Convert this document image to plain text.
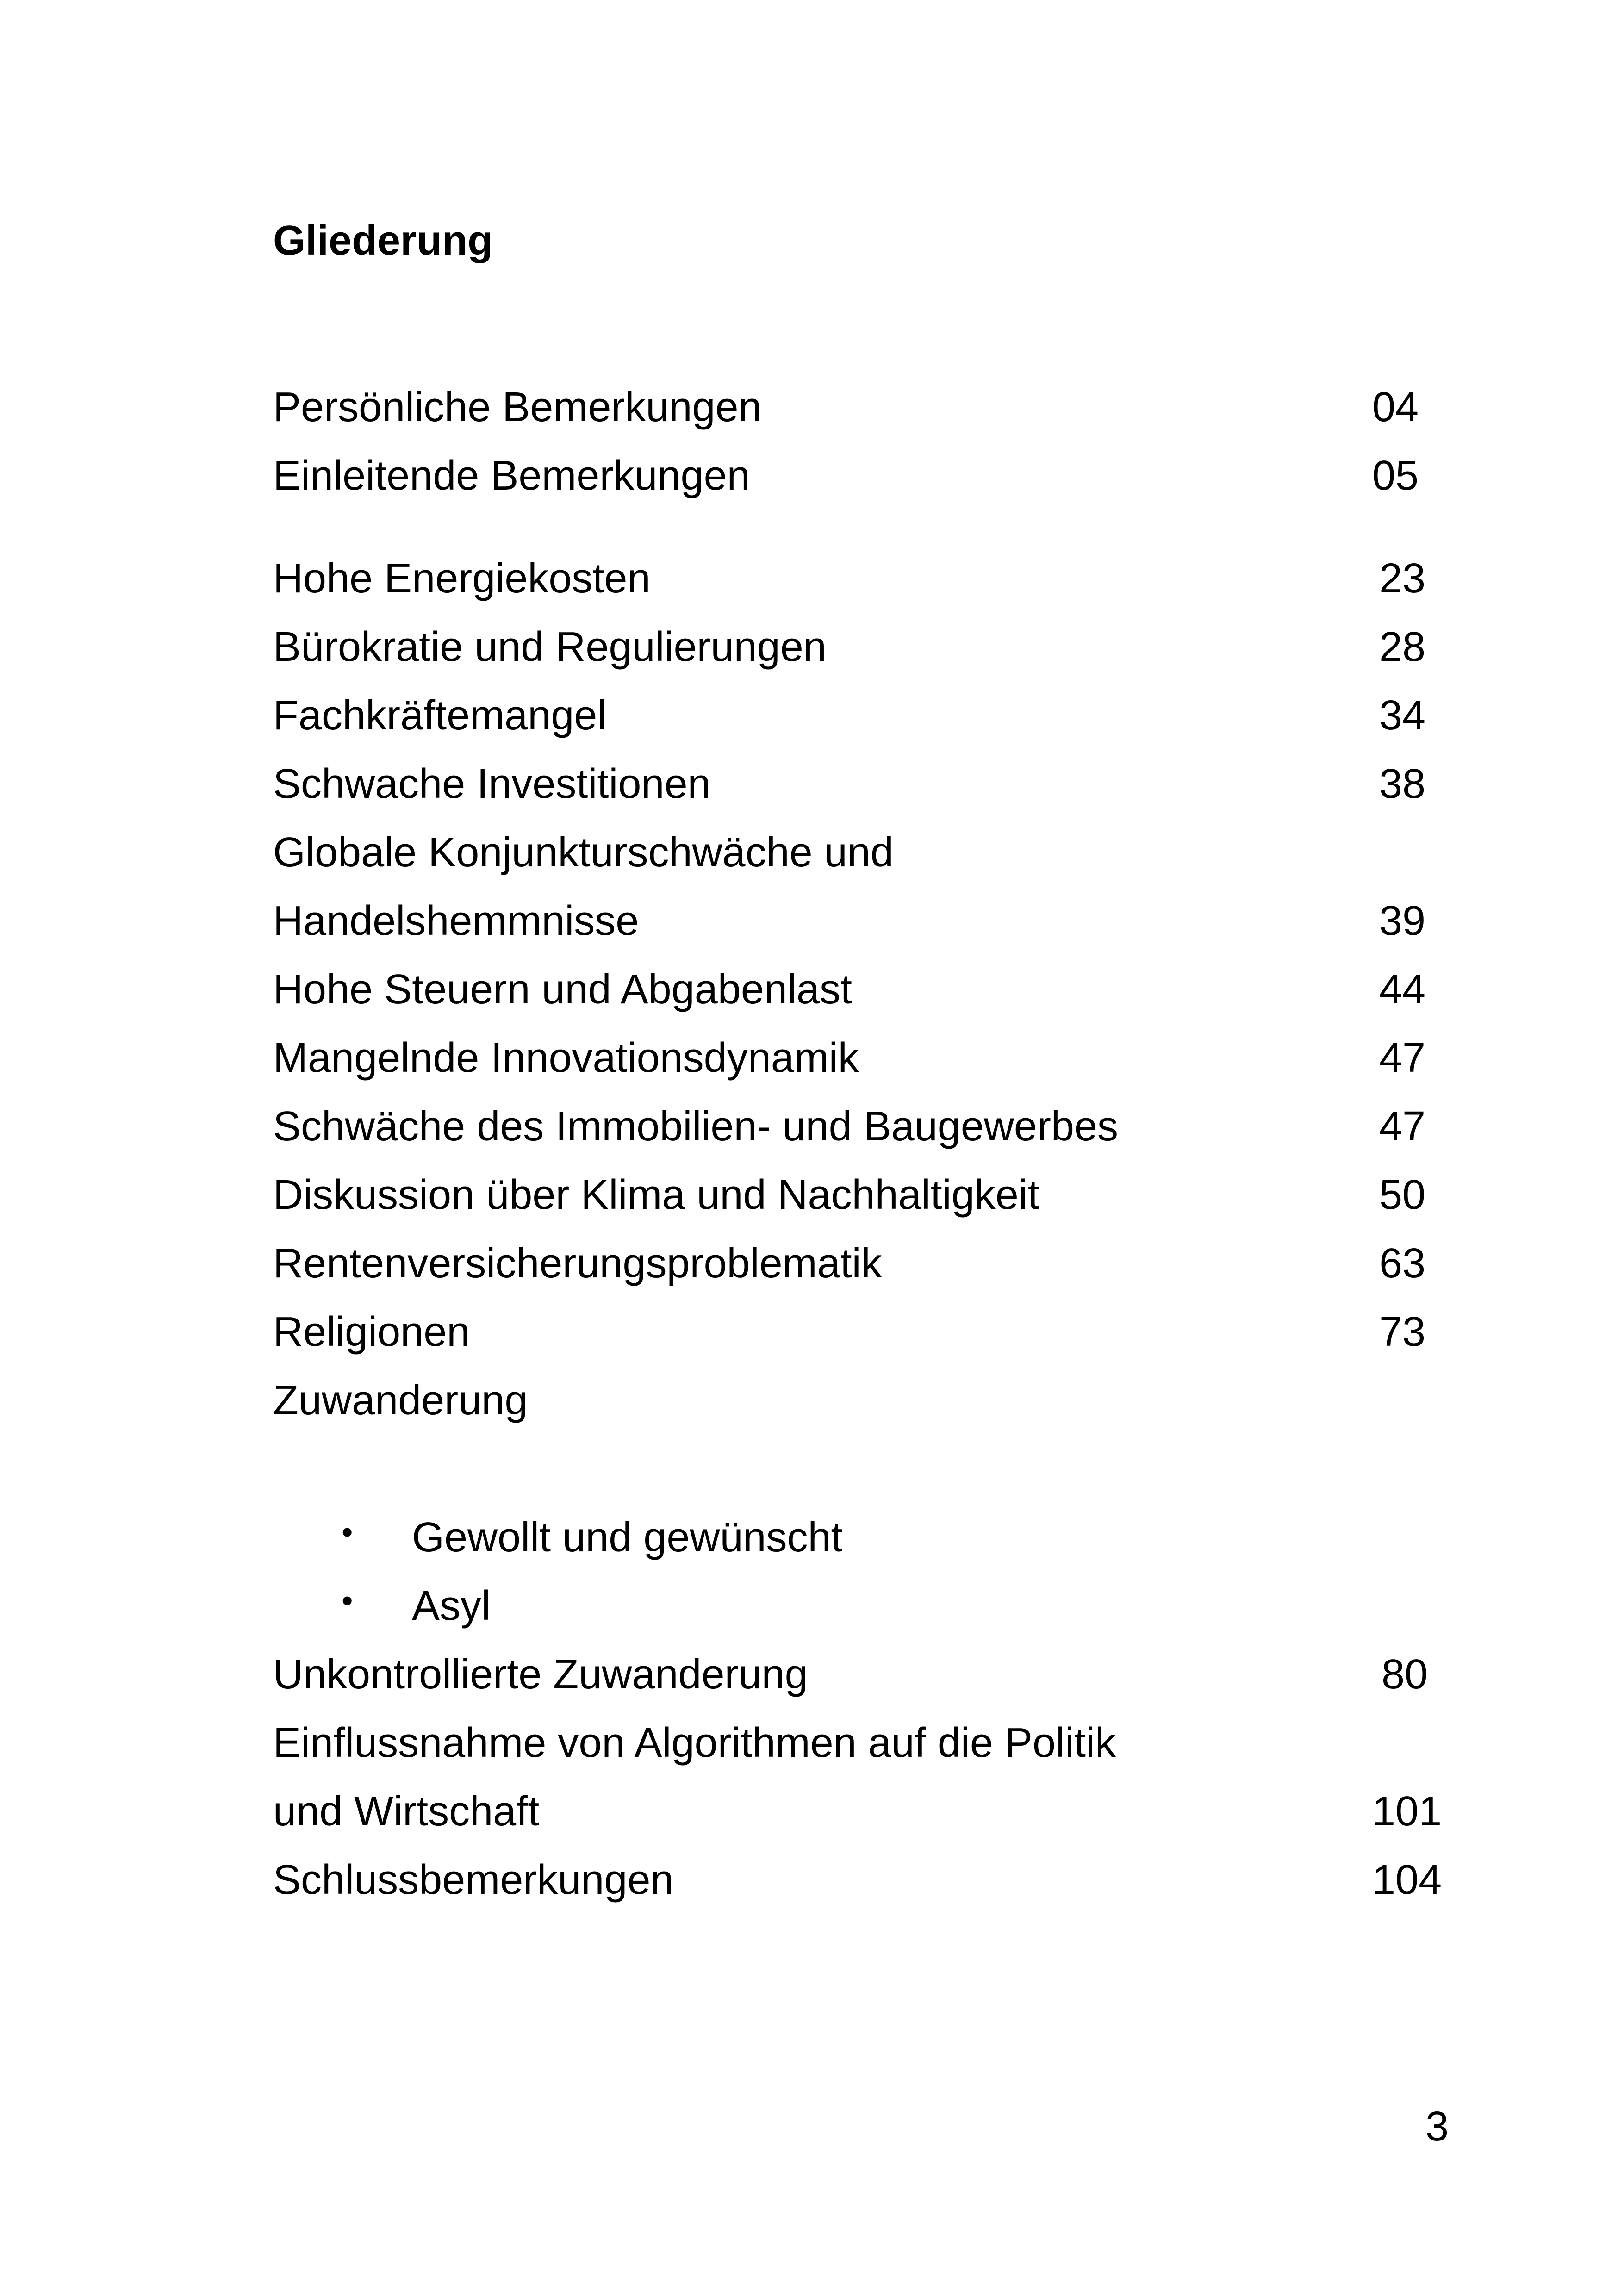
Gliederung
Persönliche Bemerkungen	04
Einleitende Bemerkungen	05
Hohe Energiekosten	23
Bürokratie und Regulierungen	28
Fachkräftemangel	34
Schwache Investitionen	38
Globale Konjunkturschwäche und
Handelshemmnisse	39
Hohe Steuern und Abgabenlast	44
Mangelnde Innovationsdynamik	47
Schwäche des Immobilien- und Baugewerbes	47
Diskussion über Klima und Nachhaltigkeit	50
Rentenversicherungsproblematik	63
Religionen	73
Zuwanderung
• Gewollt und gewünscht
• Asyl
Unkontrollierte Zuwanderung	80
Einflussnahme von Algorithmen auf die Politik
und Wirtschaft	101
Schlussbemerkungen	104
3
